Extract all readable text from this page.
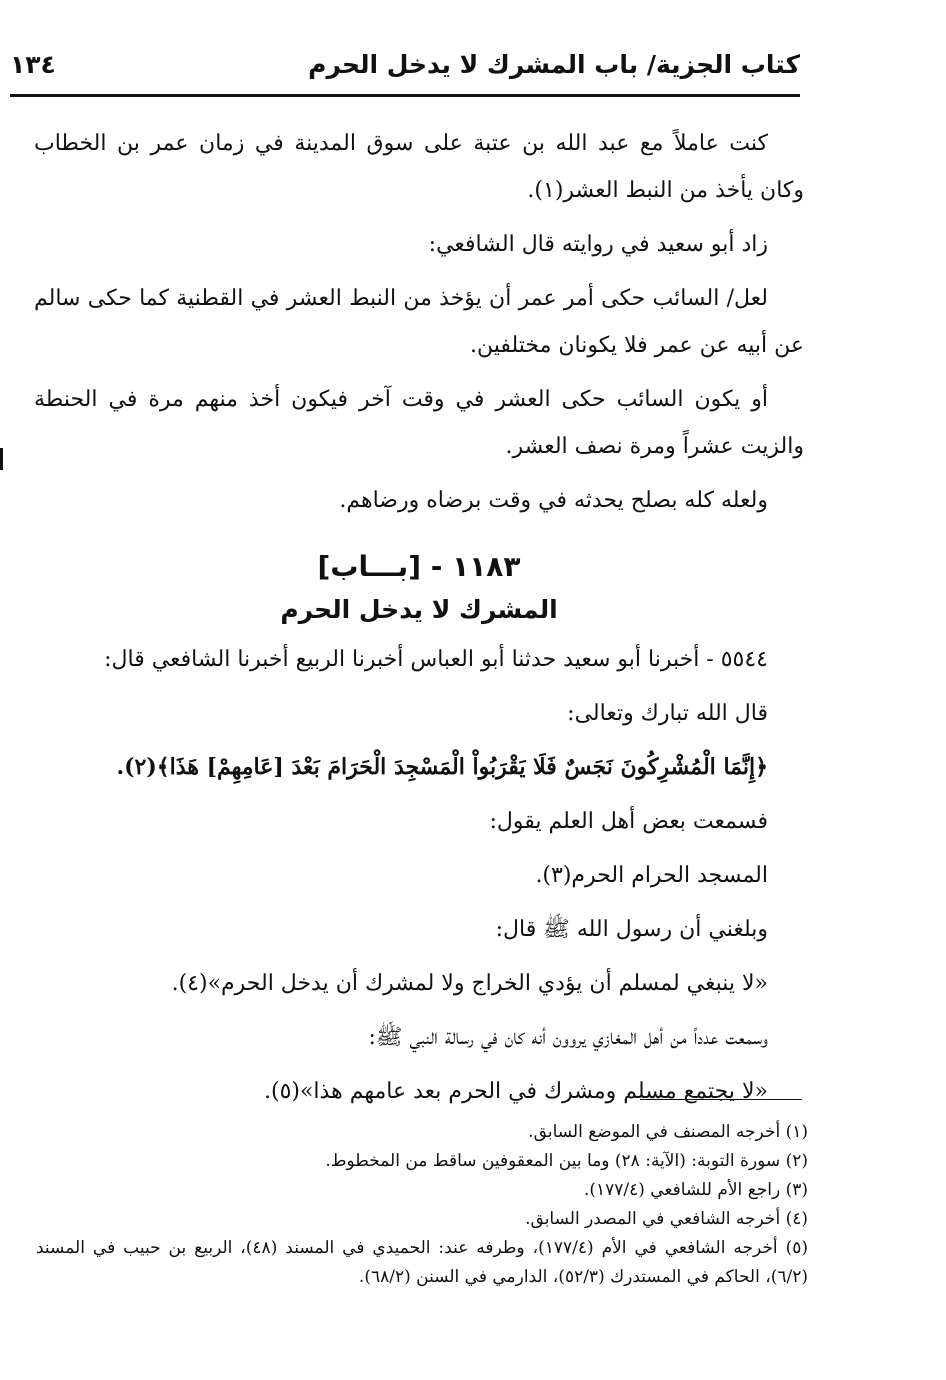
كتاب الجزية/ باب المشرك لا يدخل الحرم
١٣٤

كنت عاملاً مع عبد الله بن عتبة على سوق المدينة في زمان عمر بن الخطاب وكان يأخذ من النبط العشر(١).

زاد أبو سعيد في روايته قال الشافعي:

لعل/ السائب حكى أمر عمر أن يؤخذ من النبط العشر في القطنية كما حكى سالم عن أبيه عن عمر فلا يكونان مختلفين.

أو يكون السائب حكى العشر في وقت آخر فيكون أخذ منهم مرة في الحنطة والزيت عشراً ومرة نصف العشر.

ولعله كله بصلح يحدثه في وقت برضاه ورضاهم.

١١٨٣ - [بـــاب]
المشرك لا يدخل الحرم

٥٥٤٤ - أخبرنا أبو سعيد حدثنا أبو العباس أخبرنا الربيع أخبرنا الشافعي قال:

قال الله تبارك وتعالى:

﴿إِنَّمَا الْمُشْرِكُونَ نَجَسٌ فَلَا يَقْرَبُواْ الْمَسْجِدَ الْحَرَامَ بَعْدَ [عَامِهِمْ] هَذَا﴾(٢).

فسمعت بعض أهل العلم يقول:

المسجد الحرام الحرم(٣).

وبلغني أن رسول الله ﷺ قال:

«لا ينبغي لمسلم أن يؤدي الخراج ولا لمشرك أن يدخل الحرم»(٤).

وسمعت عدداً من أهل المغازي يروون أنه كان في رسالة النبي ﷺ:

«لا يجتمع مسلم ومشرك في الحرم بعد عامهم هذا»(٥).

(١) أخرجه المصنف في الموضع السابق.

(٢) سورة التوبة: (الآية: ٢٨) وما بين المعقوفين ساقط من المخطوط.

(٣) راجع الأم للشافعي (١٧٧/٤).

(٤) أخرجه الشافعي في المصدر السابق.

(٥) أخرجه الشافعي في الأم (١٧٧/٤)، وطرفه عند: الحميدي في المسند (٤٨)، الربيع بن حبيب في المسند (٦/٢)، الحاكم في المستدرك (٥٢/٣)، الدارمي في السنن (٦٨/٢).
